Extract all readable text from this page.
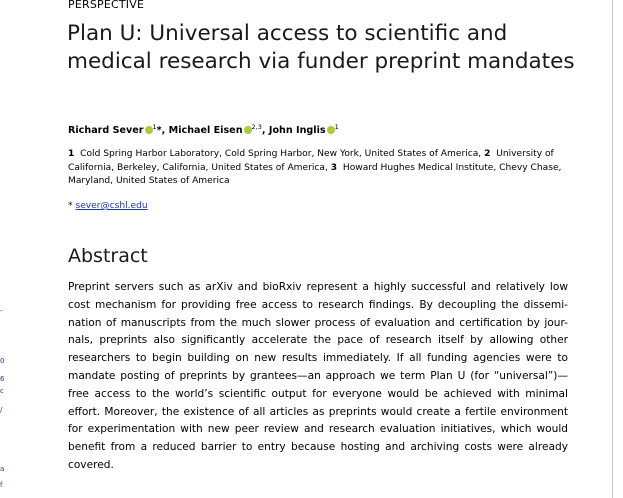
-
0
6
c
/
a
f
PERSPECTIVE
Plan U: Universal access to scientific and medical research via funder preprint mandates
Richard Sever $^1$*, Michael Eisen $^{2,3}$, John Inglis $^1$
1 Cold Spring Harbor Laboratory, Cold Spring Harbor, New York, United States of America, 2 University of California, Berkeley, California, United States of America, 3 Howard Hughes Medical Institute, Chevy Chase, Maryland, United States of America
* sever@cshl.edu
Abstract
Preprint servers such as arXiv and bioRxiv represent a highly successful and relatively low
cost mechanism for providing free access to research findings. By decoupling the dissemi-
nation of manuscripts from the much slower process of evaluation and certification by jour-
nals, preprints also significantly accelerate the pace of research itself by allowing other
researchers to begin building on new results immediately. If all funding agencies were to
mandate posting of preprints by grantees—an approach we term Plan U (for “universal”)—
free access to the world’s scientific output for everyone would be achieved with minimal
effort. Moreover, the existence of all articles as preprints would create a fertile environment
for experimentation with new peer review and research evaluation initiatives, which would
benefit from a reduced barrier to entry because hosting and archiving costs were already
covered.
